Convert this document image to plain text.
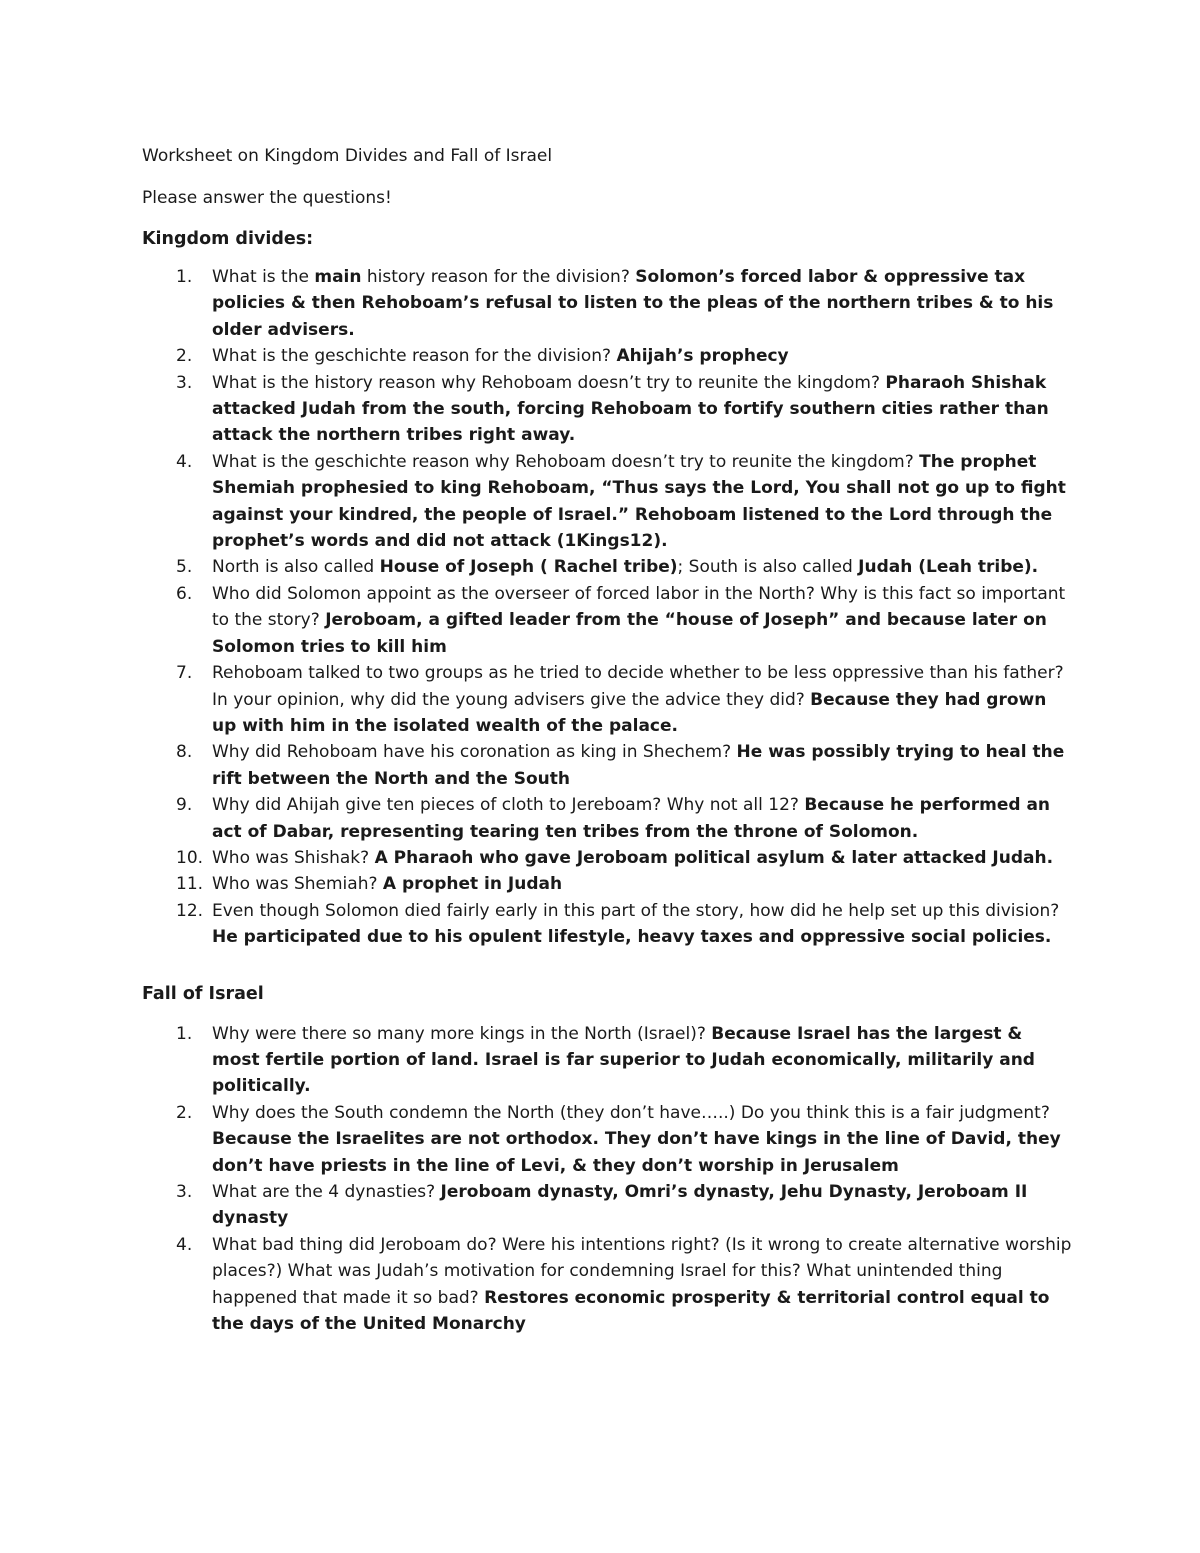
Worksheet on Kingdom Divides and Fall of Israel
Please answer the questions!
Kingdom divides:
1. What is the main history reason for the division? Solomon’s forced labor & oppressive tax policies & then Rehoboam’s refusal to listen to the pleas of the northern tribes & to his older advisers.
2. What is the geschichte reason for the division? Ahijah’s prophecy
3. What is the history reason why Rehoboam doesn’t try to reunite the kingdom? Pharaoh Shishak attacked Judah from the south, forcing Rehoboam to fortify southern cities rather than attack the northern tribes right away.
4. What is the geschichte reason why Rehoboam doesn’t try to reunite the kingdom? The prophet Shemiah prophesied to king Rehoboam, “Thus says the Lord, You shall not go up to fight against your kindred, the people of Israel.” Rehoboam listened to the Lord through the prophet’s words and did not attack (1Kings12).
5. North is also called House of Joseph ( Rachel tribe); South is also called Judah (Leah tribe).
6. Who did Solomon appoint as the overseer of forced labor in the North? Why is this fact so important to the story? Jeroboam, a gifted leader from the “house of Joseph” and because later on Solomon tries to kill him
7. Rehoboam talked to two groups as he tried to decide whether to be less oppressive than his father? In your opinion, why did the young advisers give the advice they did? Because they had grown up with him in the isolated wealth of the palace.
8. Why did Rehoboam have his coronation as king in Shechem? He was possibly trying to heal the rift between the North and the South
9. Why did Ahijah give ten pieces of cloth to Jereboam? Why not all 12? Because he performed an act of Dabar, representing tearing ten tribes from the throne of Solomon.
10. Who was Shishak? A Pharaoh who gave Jeroboam political asylum & later attacked Judah.
11. Who was Shemiah? A prophet in Judah
12. Even though Solomon died fairly early in this part of the story, how did he help set up this division? He participated due to his opulent lifestyle, heavy taxes and oppressive social policies.
Fall of Israel
1. Why were there so many more kings in the North (Israel)? Because Israel has the largest & most fertile portion of land. Israel is far superior to Judah economically, militarily and politically.
2. Why does the South condemn the North (they don’t have…..) Do you think this is a fair judgment? Because the Israelites are not orthodox. They don’t have kings in the line of David, they don’t have priests in the line of Levi, & they don’t worship in Jerusalem
3. What are the 4 dynasties? Jeroboam dynasty, Omri’s dynasty, Jehu Dynasty, Jeroboam II dynasty
4. What bad thing did Jeroboam do? Were his intentions right? (Is it wrong to create alternative worship places?) What was Judah’s motivation for condemning Israel for this? What unintended thing happened that made it so bad? Restores economic prosperity & territorial control equal to the days of the United Monarchy
